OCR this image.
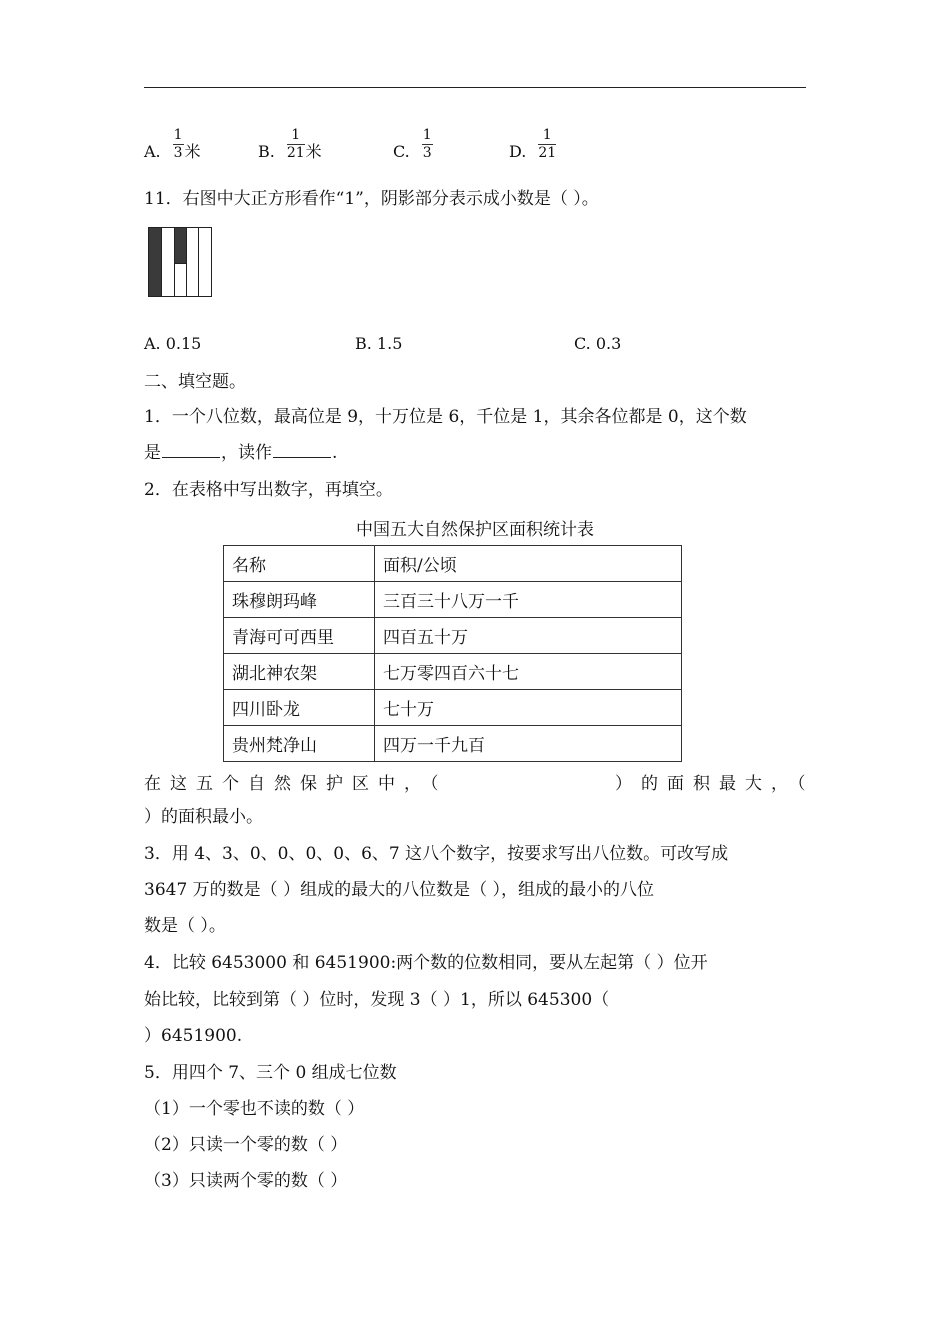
A. $\frac{1}{3}$ 米	B. $\frac{1}{21}$ 米	C. $\frac{1}{3}$	D. $\frac{1}{21}$
11．右图中大正方形看作“1”，阴影部分表示成小数是（ ）。
A. 0.15	B. 1.5	C. 0.3
二、填空题。
1．一个八位数，最高位是 9，十万位是 6，千位是 1，其余各位都是 0，这个数
是	，读作	.
2．在表格中写出数字，再填空。
中国五大自然保护区面积统计表
名称	面积/公顷
珠穆朗玛峰	三百三十八万一千
青海可可西里	四百五十万
湖北神农架	七万零四百六十七
四川卧龙	七十万
贵州梵净山	四万一千九百
在这五个自然保护区中，（	）的面积最大，（
）的面积最小。
3．用 4、3、0、0、0、0、6、7 这八个数字，按要求写出八位数。可改写成
3647 万的数是（ ）组成的最大的八位数是（ ），组成的最小的八位
数是（ ）。
4．比较 6453000 和 6451900:两个数的位数相同，要从左起第（ ）位开
始比较，比较到第（ ）位时，发现 3（ ）1，所以 645300（
）6451900.
5．用四个 7、三个 0 组成七位数
（1）一个零也不读的数（ ）
（2）只读一个零的数（ ）
（3）只读两个零的数（ ）
